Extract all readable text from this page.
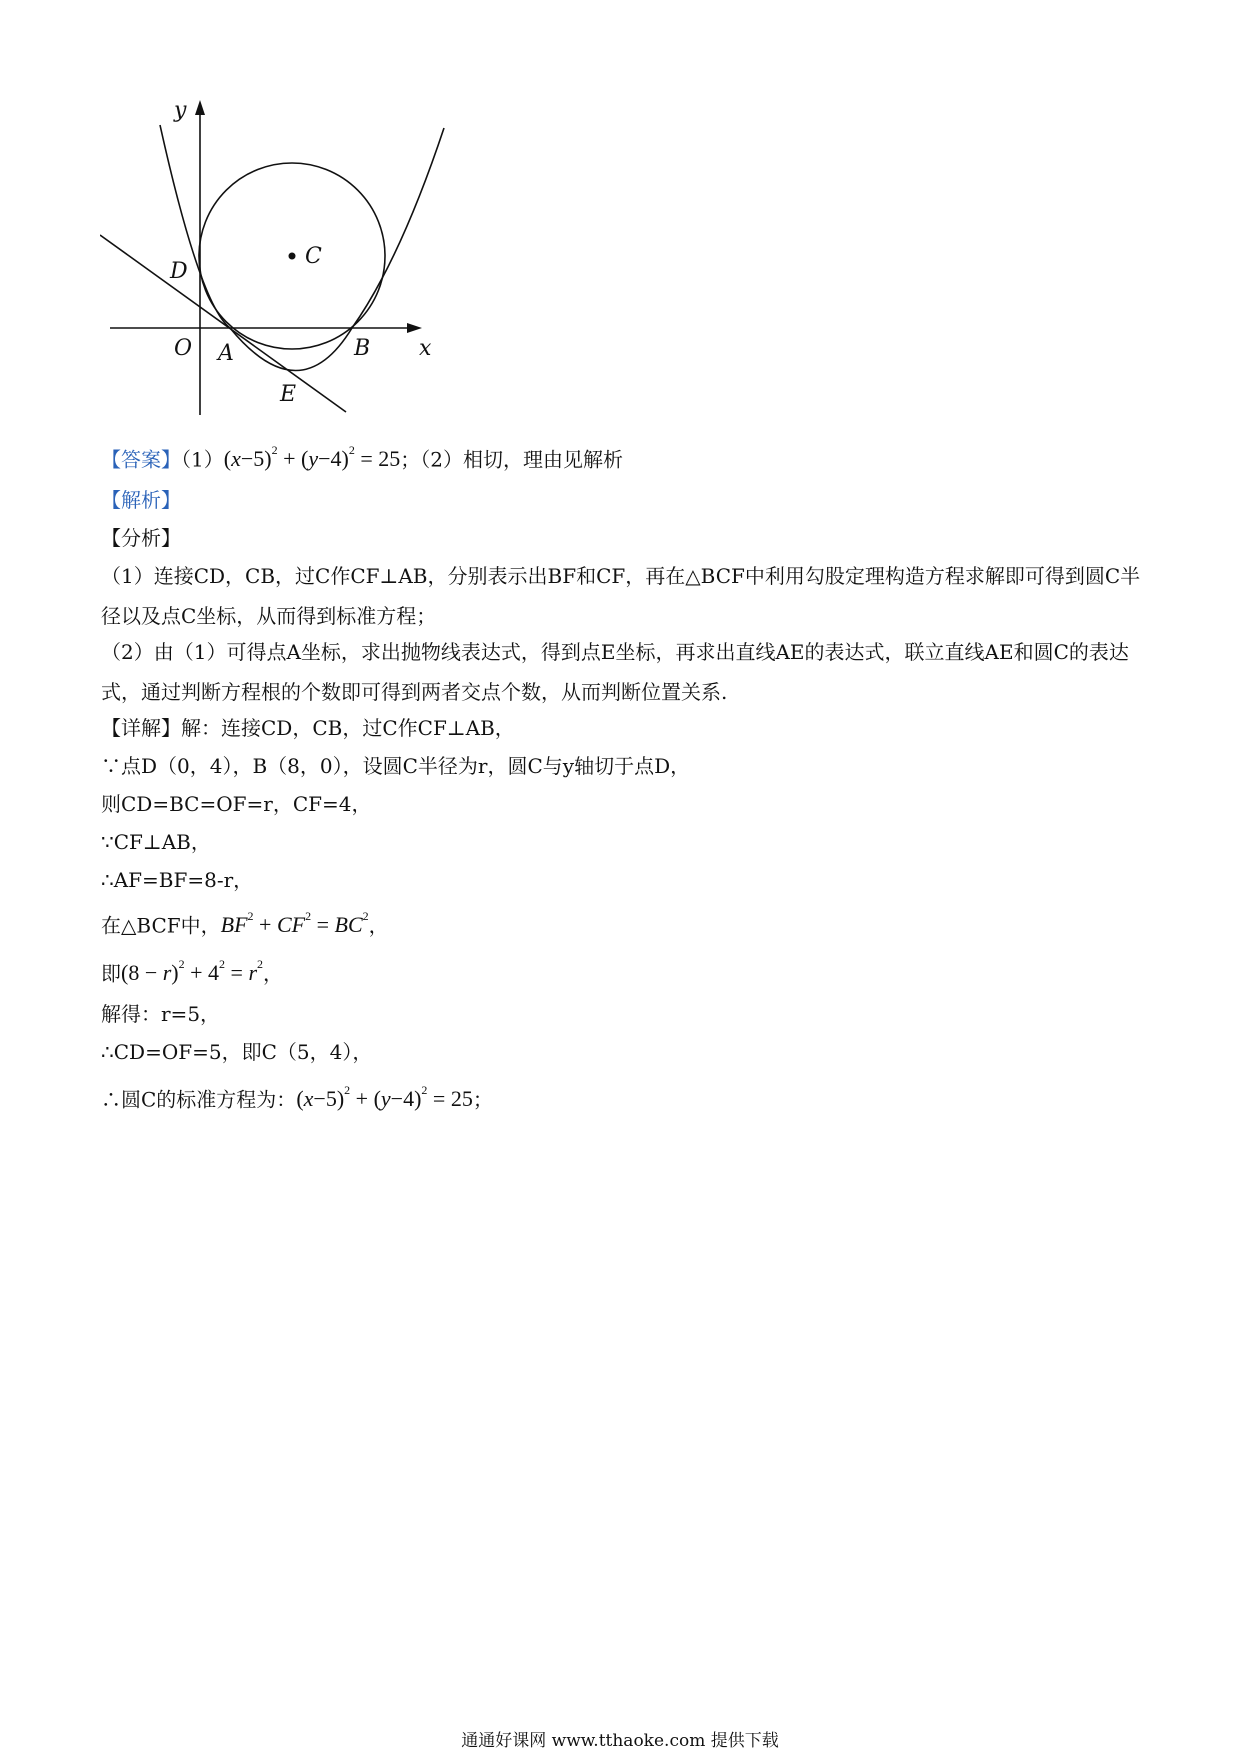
y
x
O A	B
C
D
E
【答案】$(1)(x-5)^2 + (y-4)^2 = 25$；（2）相切，理由见解析
【解析】
【分析】
（1）连接CD，CB，过C作CF⊥AB，分别表示出BF和CF，再在△BCF中利用勾股定理构造方程求解即可得到圆C半径以及点C坐标，从而得到标准方程；
（2）由（1）可得点A坐标，求出抛物线表达式，得到点E坐标，再求出直线AE的表达式，联立直线AE和圆C的表达式，通过判断方程根的个数即可得到两者交点个数，从而判断位置关系.
【详解】解：连接CD，CB，过C作CF⊥AB，
∵点D（0，4），B（8，0），设圆C半径为r，圆C与y轴切于点D，
则CD=BC=OF=r，CF=4，
∵CF⊥AB，
∴AF=BF=8-r，
在△BCF中，$BF^2 + CF^2 = BC^2$，
即$(8 - r)^2 + 4^2 = r^2$，
解得：r=5，
∴CD=OF=5，即C（5，4），
∴圆C的标准方程为：$(x-5)^2 + (y-4)^2 = 25$；
通通好课网 www.tthaoke.com 提供下载
